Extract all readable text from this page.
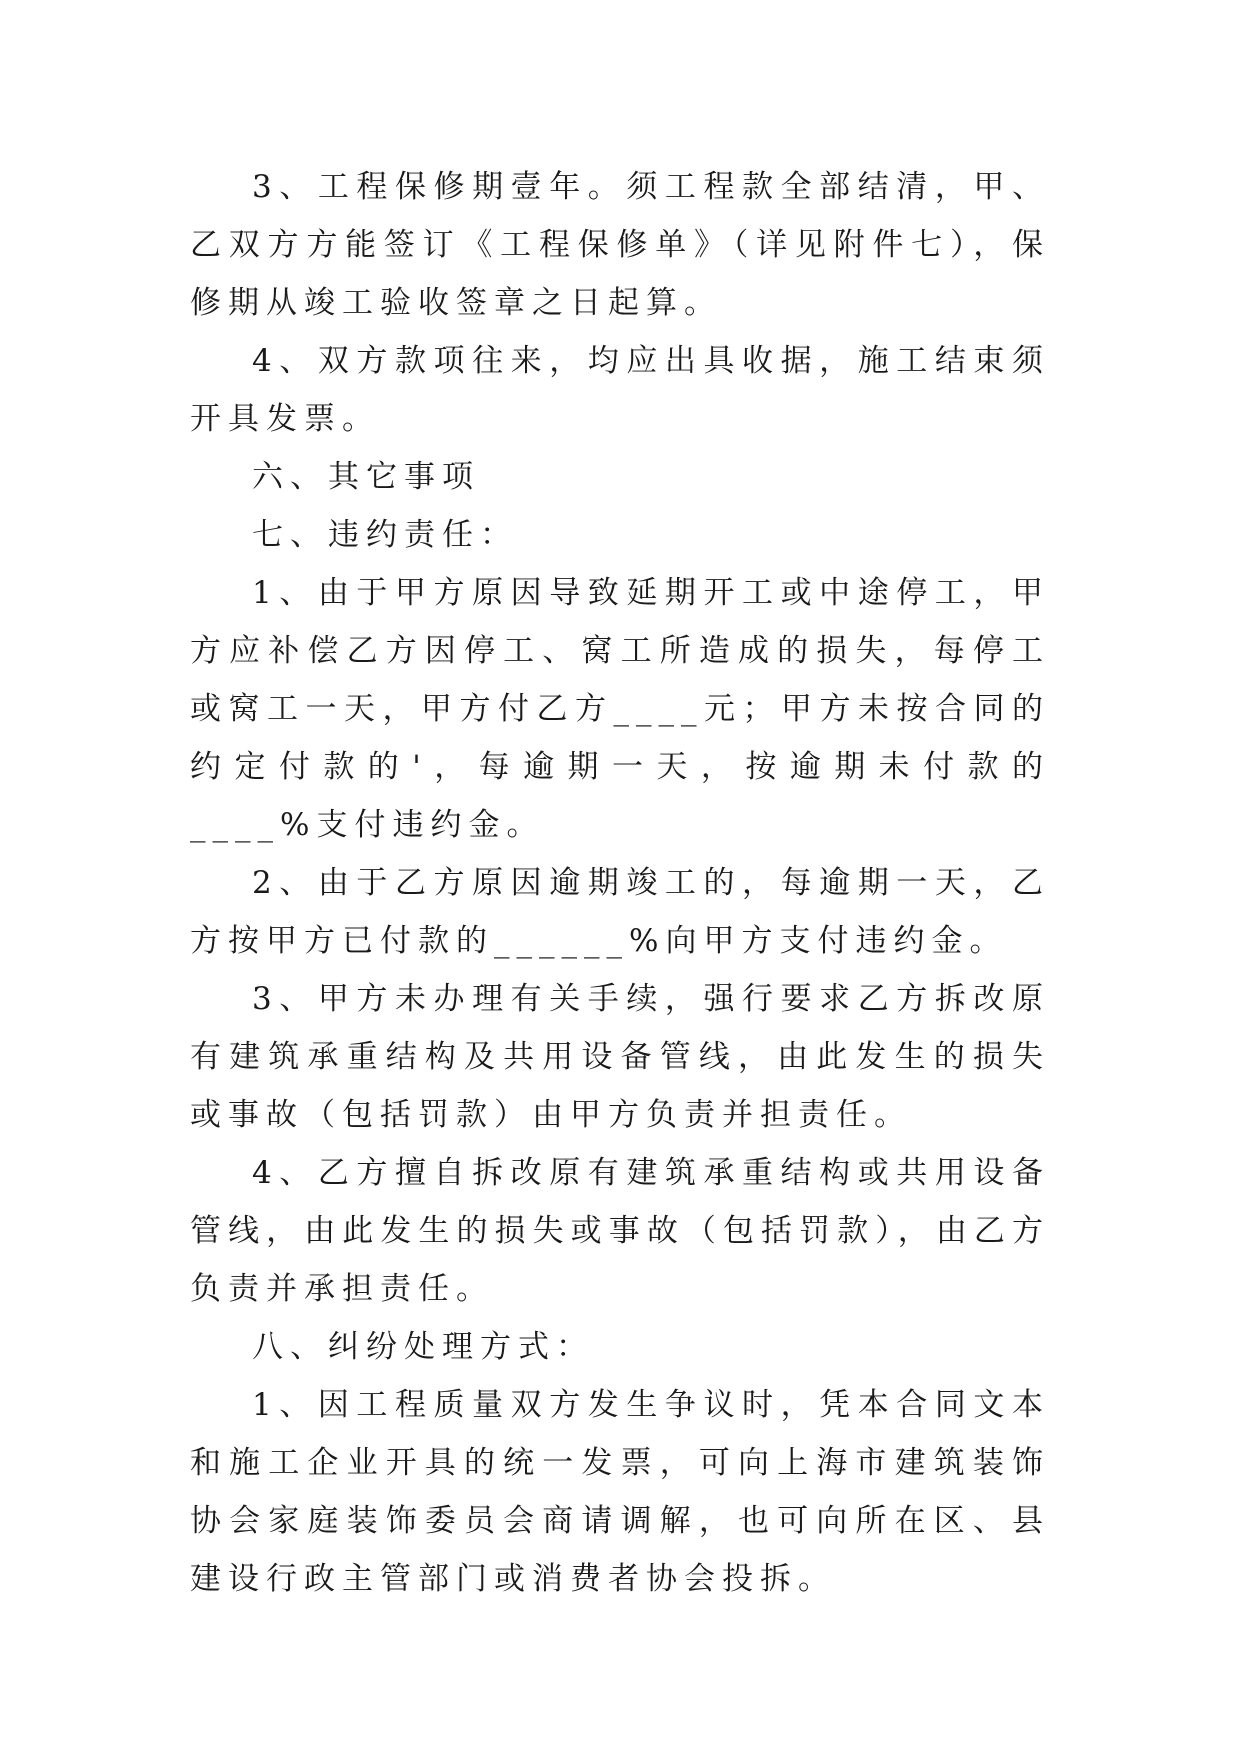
3、工程保修期壹年。须工程款全部结清，甲、乙双方方能签订《工程保修单》（详见附件七），保修期从竣工验收签章之日起算。

4、双方款项往来，均应出具收据，施工结束须开具发票。

六、其它事项

七、违约责任：

1、由于甲方原因导致延期开工或中途停工，甲方应补偿乙方因停工、窝工所造成的损失，每停工或窝工一天，甲方付乙方____元；甲方未按合同的约定付款的'，每逾期一天，按逾期未付款的____%支付违约金。

2、由于乙方原因逾期竣工的，每逾期一天，乙方按甲方已付款的______%向甲方支付违约金。

3、甲方未办理有关手续，强行要求乙方拆改原有建筑承重结构及共用设备管线，由此发生的损失或事故（包括罚款）由甲方负责并担责任。

4、乙方擅自拆改原有建筑承重结构或共用设备管线，由此发生的损失或事故（包括罚款），由乙方负责并承担责任。

八、纠纷处理方式：

1、因工程质量双方发生争议时，凭本合同文本和施工企业开具的统一发票，可向上海市建筑装饰协会家庭装饰委员会商请调解，也可向所在区、县建设行政主管部门或消费者协会投拆。
